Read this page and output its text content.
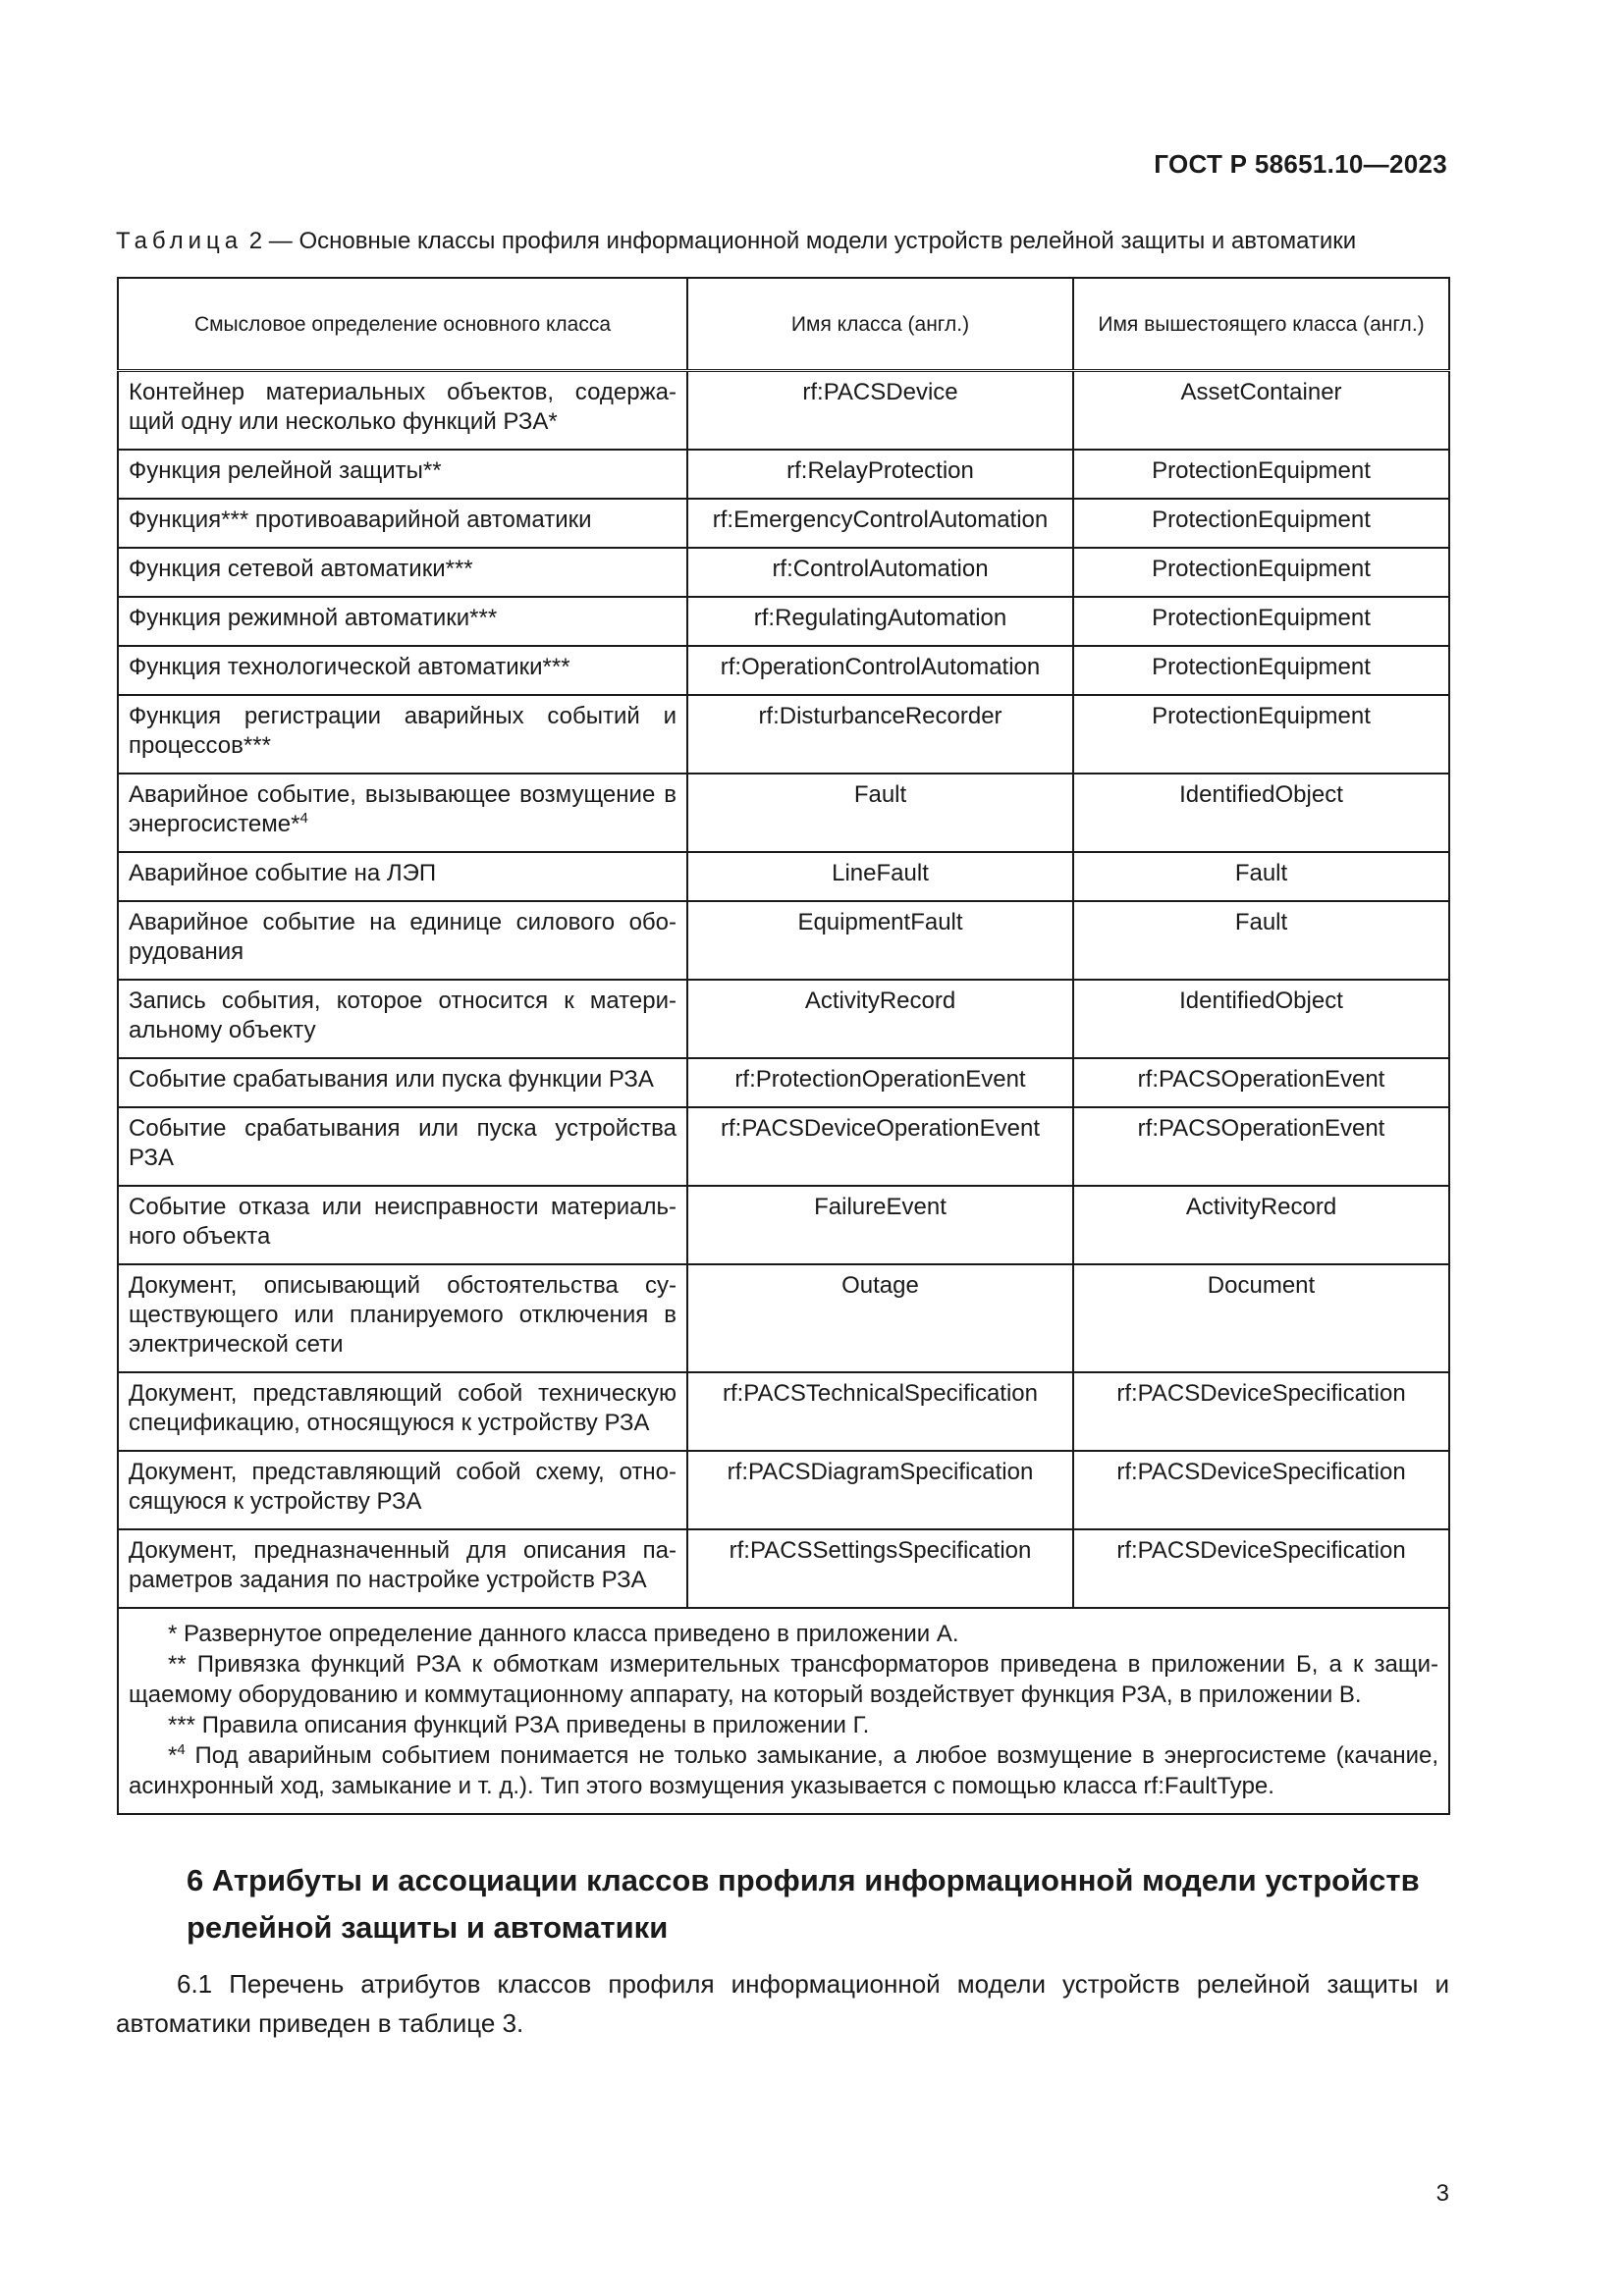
ГОСТ Р 58651.10—2023
Таблица 2 — Основные классы профиля информационной модели устройств релейной защиты и автоматики
Смысловое определение основного класса	Имя класса (англ.)	Имя вышестоящего класса (англ.)
Контейнер материальных объектов, содержа-щий одну или несколько функций РЗА*	rf:PACSDevice	AssetContainer
Функция релейной защиты**	rf:RelayProtection	ProtectionEquipment
Функция*** противоаварийной автоматики	rf:EmergencyControlAutomation	ProtectionEquipment
Функция сетевой автоматики***	rf:ControlAutomation	ProtectionEquipment
Функция режимной автоматики***	rf:RegulatingAutomation	ProtectionEquipment
Функция технологической автоматики***	rf:OperationControlAutomation	ProtectionEquipment
Функция регистрации аварийных событий и процессов***	rf:DisturbanceRecorder	ProtectionEquipment
Аварийное событие, вызывающее возмущение в энергосистеме*$^4$	Fault	IdentifiedObject
Аварийное событие на ЛЭП	LineFault	Fault
Аварийное событие на единице силового обо-рудования	EquipmentFault	Fault
Запись события, которое относится к матери-альному объекту	ActivityRecord	IdentifiedObject
Событие срабатывания или пуска функции РЗА	rf:ProtectionOperationEvent	rf:PACSOperationEvent
Событие срабатывания или пуска устройства РЗА	rf:PACSDeviceOperationEvent	rf:PACSOperationEvent
Событие отказа или неисправности материаль-ного объекта	FailureEvent	ActivityRecord
Документ, описывающий обстоятельства су-ществующего или планируемого отключения в электрической сети	Outage	Document
Документ, представляющий собой техническую спецификацию, относящуюся к устройству РЗА	rf:PACSTechnicalSpecification	rf:PACSDeviceSpecification
Документ, представляющий собой схему, отно-сящуюся к устройству РЗА	rf:PACSDiagramSpecification	rf:PACSDeviceSpecification
Документ, предназначенный для описания па-раметров задания по настройке устройств РЗА	rf:PACSSettingsSpecification	rf:PACSDeviceSpecification

* Развернутое определение данного класса приведено в приложении А.
** Привязка функций РЗА к обмоткам измерительных трансформаторов приведена в приложении Б, а к защи-щаемому оборудованию и коммутационному аппарату, на который воздействует функция РЗА, в приложении В.
*** Правила описания функций РЗА приведены в приложении Г.
*$^4$ Под аварийным событием понимается не только замыкание, а любое возмущение в энергосистеме (качание, асинхронный ход, замыкание и т. д.). Тип этого возмущения указывается с помощью класса rf:FaultType.		
6 Атрибуты и ассоциации классов профиля информационной модели устройств релейной защиты и автоматики
6.1 Перечень атрибутов классов профиля информационной модели устройств релейной защиты и автоматики приведен в таблице 3.
3
